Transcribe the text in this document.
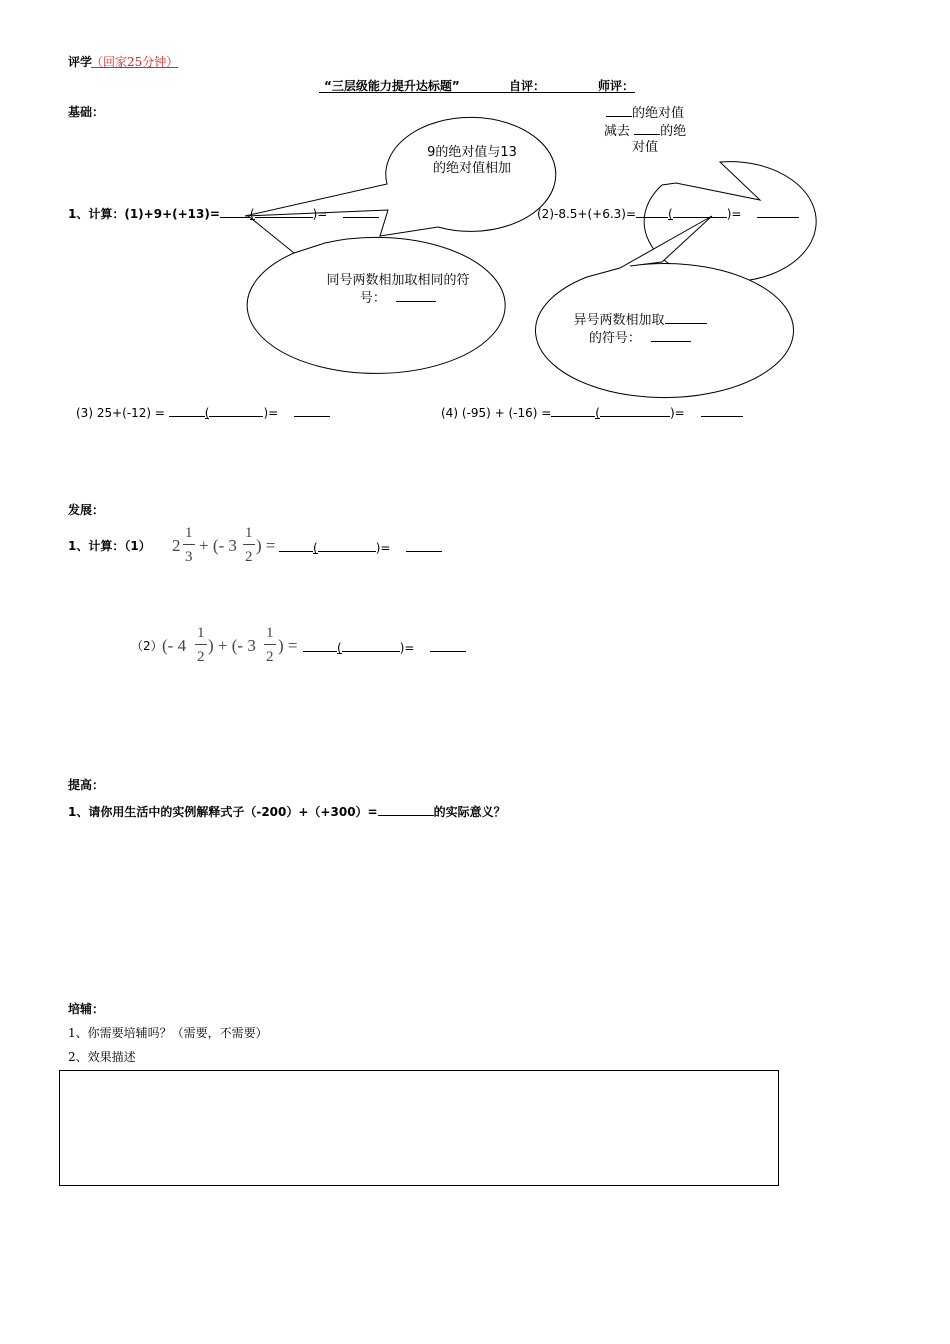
评学
（回家25分钟）
“三层级能力提升达标题”	自评：	师评：
基础：
1、计算：(1)+9+(+13)=	(	)=	(2)-8.5+(+6.3)=	(	)=
9的绝对值与13
的绝对值相加
的绝对值
减去 的绝
对值
同号两数相加取相同的符
号：
异号两数相加取
的符号：
(3) 25+(-12) =	(	)=	(4) (-95) + (-16) =	(	)=
发展：
1、计算：（1） 2
1
3
+ (- 3
1
2
) =	(	)=
（2） (- 4
1
2
) + (- 3
1
2
) =	(	)=
提高：
1、请你用生活中的实例解释式子（-200）+（+300）=	的实际意义？
培辅：
1、你需要培辅吗？（需要，不需要）
2、效果描述
